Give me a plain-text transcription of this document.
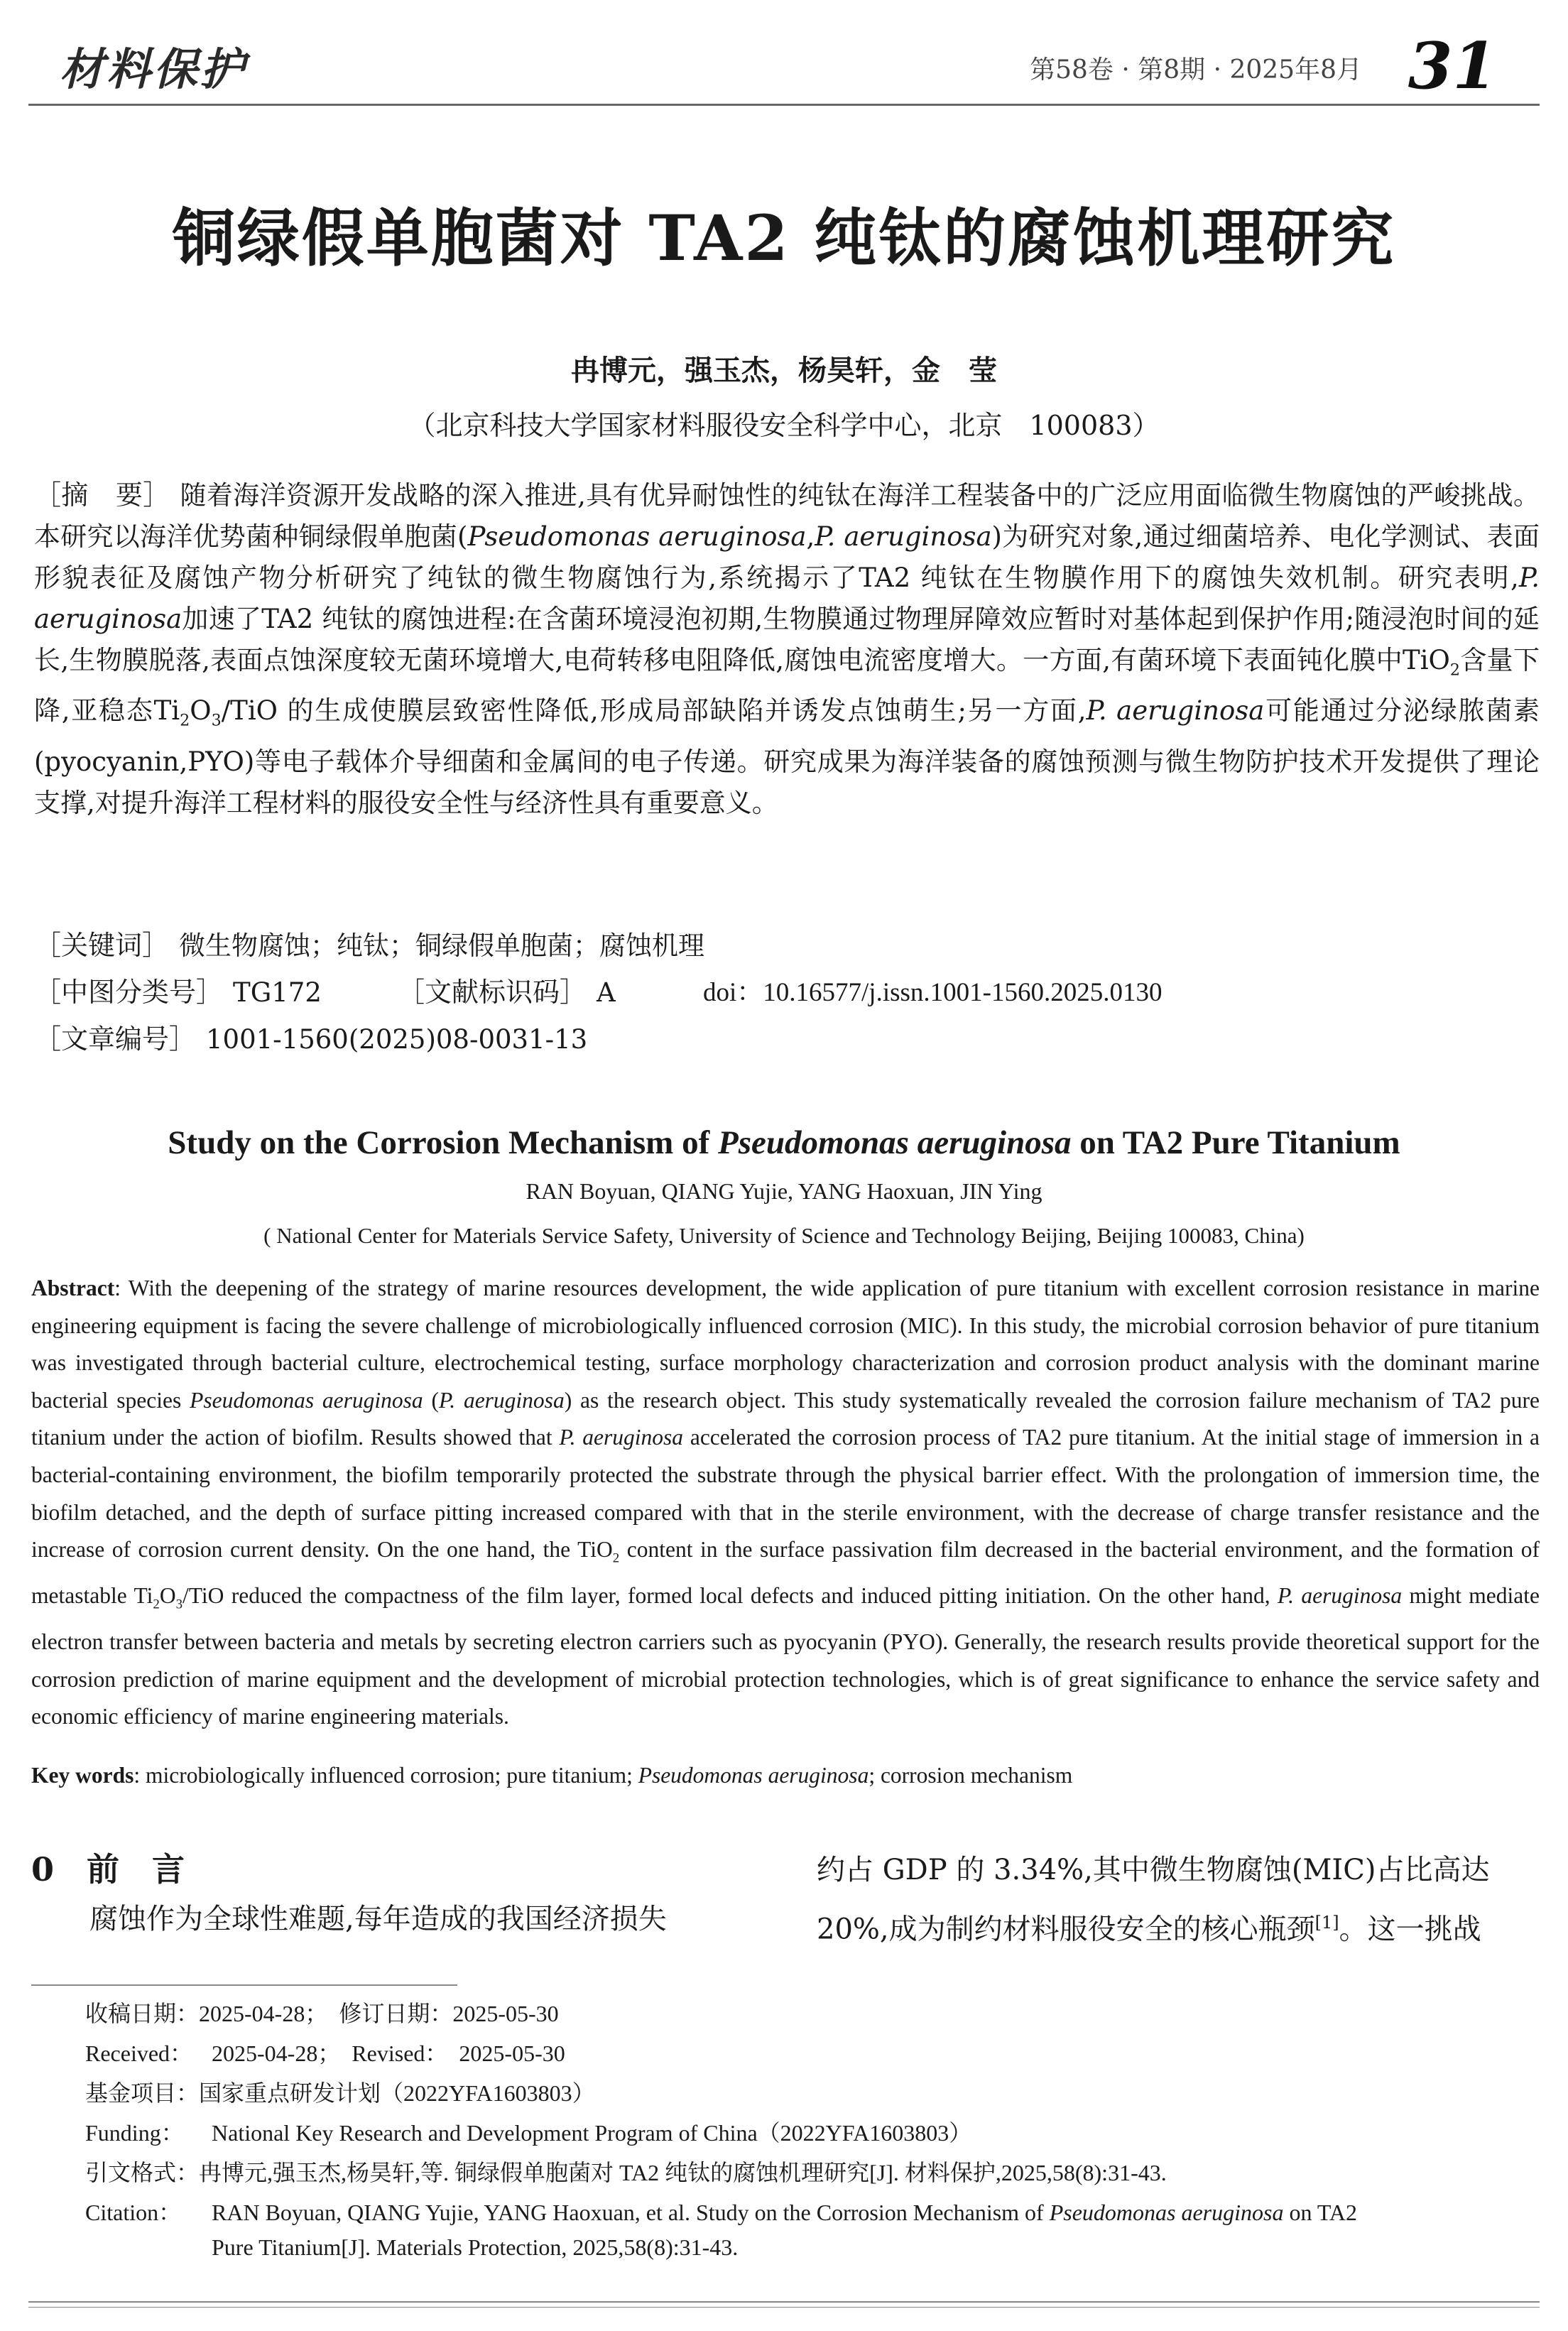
材料保护	第58卷 · 第8期 · 2025年8月 31
铜绿假单胞菌对 TA2 纯钛的腐蚀机理研究
冉博元，强玉杰，杨昊轩，金　莹
（北京科技大学国家材料服役安全科学中心，北京　100083）
［摘　要］ 随着海洋资源开发战略的深入推进,具有优异耐蚀性的纯钛在海洋工程装备中的广泛应用面临微生物腐蚀的严峻挑战。本研究以海洋优势菌种铜绿假单胞菌(Pseudomonas aeruginosa,P. aeruginosa)为研究对象,通过细菌培养、电化学测试、表面形貌表征及腐蚀产物分析研究了纯钛的微生物腐蚀行为,系统揭示了TA2 纯钛在生物膜作用下的腐蚀失效机制。研究表明,P. aeruginosa加速了TA2 纯钛的腐蚀进程:在含菌环境浸泡初期,生物膜通过物理屏障效应暂时对基体起到保护作用;随浸泡时间的延长,生物膜脱落,表面点蚀深度较无菌环境增大,电荷转移电阻降低,腐蚀电流密度增大。一方面,有菌环境下表面钝化膜中TiO$_2$含量下降,亚稳态$Ti_2O_3$/TiO 的生成使膜层致密性降低,形成局部缺陷并诱发点蚀萌生;另一方面,P. aeruginosa可能通过分泌绿脓菌素(pyocyanin,PYO)等电子载体介导细菌和金属间的电子传递。研究成果为海洋装备的腐蚀预测与微生物防护技术开发提供了理论支撑,对提升海洋工程材料的服役安全性与经济性具有重要意义。
［关键词］ 微生物腐蚀；纯钛；铜绿假单胞菌；腐蚀机理
［中图分类号］ TG172	［文献标识码］ A	doi：10.16577/j.issn.1001-1560.2025.0130
［文章编号］ 1001-1560(2025)08-0031-13
Study on the Corrosion Mechanism of Pseudomonas aeruginosa on TA2 Pure Titanium
RAN Boyuan, QIANG Yujie, YANG Haoxuan, JIN Ying
( National Center for Materials Service Safety, University of Science and Technology Beijing, Beijing 100083, China)
Abstract: With the deepening of the strategy of marine resources development, the wide application of pure titanium with excellent corrosion resistance in marine engineering equipment is facing the severe challenge of microbiologically influenced corrosion (MIC). In this study, the microbial corrosion behavior of pure titanium was investigated through bacterial culture, electrochemical testing, surface morphology characterization and corrosion product analysis with the dominant marine bacterial species Pseudomonas aeruginosa (P. aeruginosa) as the research object. This study systematically revealed the corrosion failure mechanism of TA2 pure titanium under the action of biofilm. Results showed that P. aeruginosa accelerated the corrosion process of TA2 pure titanium. At the initial stage of immersion in a bacterial-containing environment, the biofilm temporarily protected the substrate through the physical barrier effect. With the prolongation of immersion time, the biofilm detached, and the depth of surface pitting increased compared with that in the sterile environment, with the decrease of charge transfer resistance and the increase of corrosion current density. On the one hand, the TiO$_2$ content in the surface passivation film decreased in the bacterial environment, and the formation of metastable $Ti_2O_3$/TiO reduced the compactness of the film layer, formed local defects and induced pitting initiation. On the other hand, P. aeruginosa might mediate electron transfer between bacteria and metals by secreting electron carriers such as pyocyanin (PYO). Generally, the research results provide theoretical support for the corrosion prediction of marine equipment and the development of microbial protection technologies, which is of great significance to enhance the service safety and economic efficiency of marine engineering materials.
Key words: microbiologically influenced corrosion; pure titanium; Pseudomonas aeruginosa; corrosion mechanism
0　前　言
腐蚀作为全球性难题,每年造成的我国经济损失
约占 GDP 的 3.34%,其中微生物腐蚀(MIC)占比高达 20%,成为制约材料服役安全的核心瓶颈[1]。这一挑战
收稿日期：2025-04-28；　修订日期：2025-05-30
Received： 2025-04-28；　Revised：　2025-05-30
基金项目：国家重点研发计划（2022YFA1603803）
Funding： National Key Research and Development Program of China（2022YFA1603803）
引文格式：冉博元,强玉杰,杨昊轩,等. 铜绿假单胞菌对 TA2 纯钛的腐蚀机理研究[J]. 材料保护,2025,58(8):31-43.
Citation： RAN Boyuan, QIANG Yujie, YANG Haoxuan, et al. Study on the Corrosion Mechanism of Pseudomonas aeruginosa on TA2
Pure Titanium[J]. Materials Protection, 2025,58(8):31-43.
